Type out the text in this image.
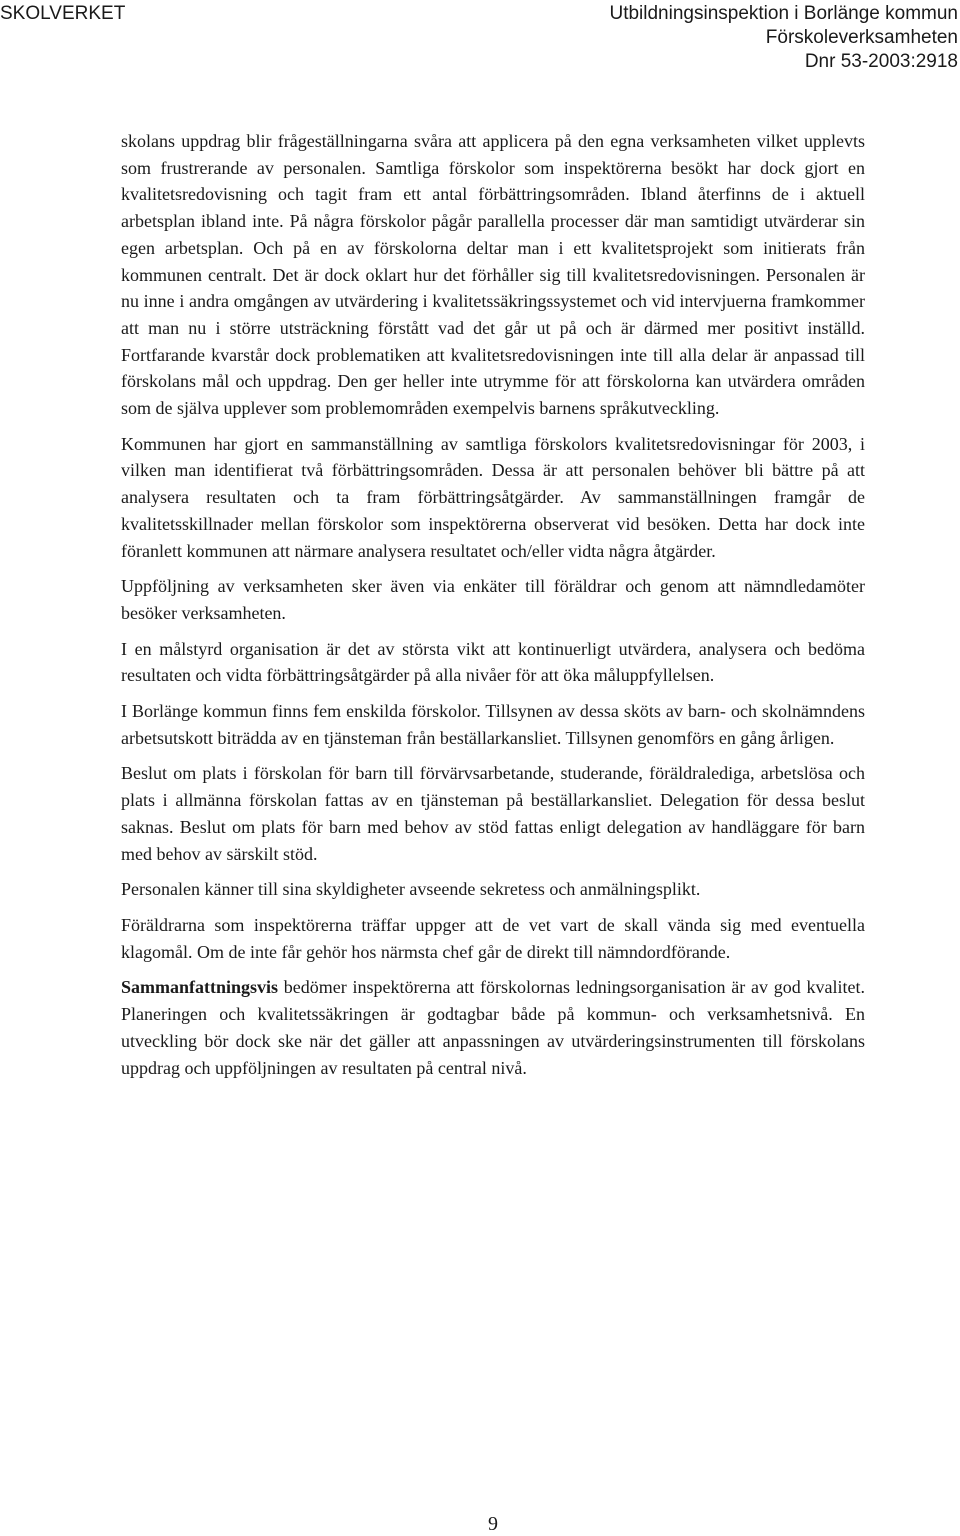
SKOLVERKET	Utbildningsinspektion i Borlänge kommun
Förskoleverksamheten
Dnr 53-2003:2918

skolans uppdrag blir frågeställningarna svåra att applicera på den egna verksamheten vilket upplevts som frustrerande av personalen. Samtliga förskolor som inspektörerna besökt har dock gjort en kvalitetsredovisning och tagit fram ett antal förbättringsområden. Ibland återfinns de i aktuell arbetsplan ibland inte. På några förskolor pågår parallella processer där man samtidigt utvärderar sin egen arbetsplan. Och på en av förskolorna deltar man i ett kvalitetsprojekt som initierats från kommunen centralt. Det är dock oklart hur det förhåller sig till kvalitetsredovisningen. Personalen är nu inne i andra omgången av utvärdering i kvalitetssäkringssystemet och vid intervjuerna framkommer att man nu i större utsträckning förstått vad det går ut på och är därmed mer positivt inställd. Fortfarande kvarstår dock problematiken att kvalitetsredovisningen inte till alla delar är anpassad till förskolans mål och uppdrag. Den ger heller inte utrymme för att förskolorna kan utvärdera områden som de själva upplever som problemområden exempelvis barnens språkutveckling.

Kommunen har gjort en sammanställning av samtliga förskolors kvalitetsredovisningar för 2003, i vilken man identifierat två förbättringsområden. Dessa är att personalen behöver bli bättre på att analysera resultaten och ta fram förbättringsåtgärder. Av sammanställningen framgår de kvalitetsskillnader mellan förskolor som inspektörerna observerat vid besöken. Detta har dock inte föranlett kommunen att närmare analysera resultatet och/eller vidta några åtgärder.

Uppföljning av verksamheten sker även via enkäter till föräldrar och genom att nämndledamöter besöker verksamheten.

I en målstyrd organisation är det av största vikt att kontinuerligt utvärdera, analysera och bedöma resultaten och vidta förbättringsåtgärder på alla nivåer för att öka måluppfyllelsen.

I Borlänge kommun finns fem enskilda förskolor. Tillsynen av dessa sköts av barn- och skolnämndens arbetsutskott biträdda av en tjänsteman från beställarkansliet. Tillsynen genomförs en gång årligen.

Beslut om plats i förskolan för barn till förvärvsarbetande, studerande, föräldralediga, arbetslösa och plats i allmänna förskolan fattas av en tjänsteman på beställarkansliet. Delegation för dessa beslut saknas. Beslut om plats för barn med behov av stöd fattas enligt delegation av handläggare för barn med behov av särskilt stöd.

Personalen känner till sina skyldigheter avseende sekretess och anmälningsplikt.

Föräldrarna som inspektörerna träffar uppger att de vet vart de skall vända sig med eventuella klagomål. Om de inte får gehör hos närmsta chef går de direkt till nämndordförande.

Sammanfattningsvis bedömer inspektörerna att förskolornas ledningsorganisation är av god kvalitet. Planeringen och kvalitetssäkringen är godtagbar både på kommun- och verksamhetsnivå. En utveckling bör dock ske när det gäller att anpassningen av utvärderingsinstrumenten till förskolans uppdrag och uppföljningen av resultaten på central nivå.

9
